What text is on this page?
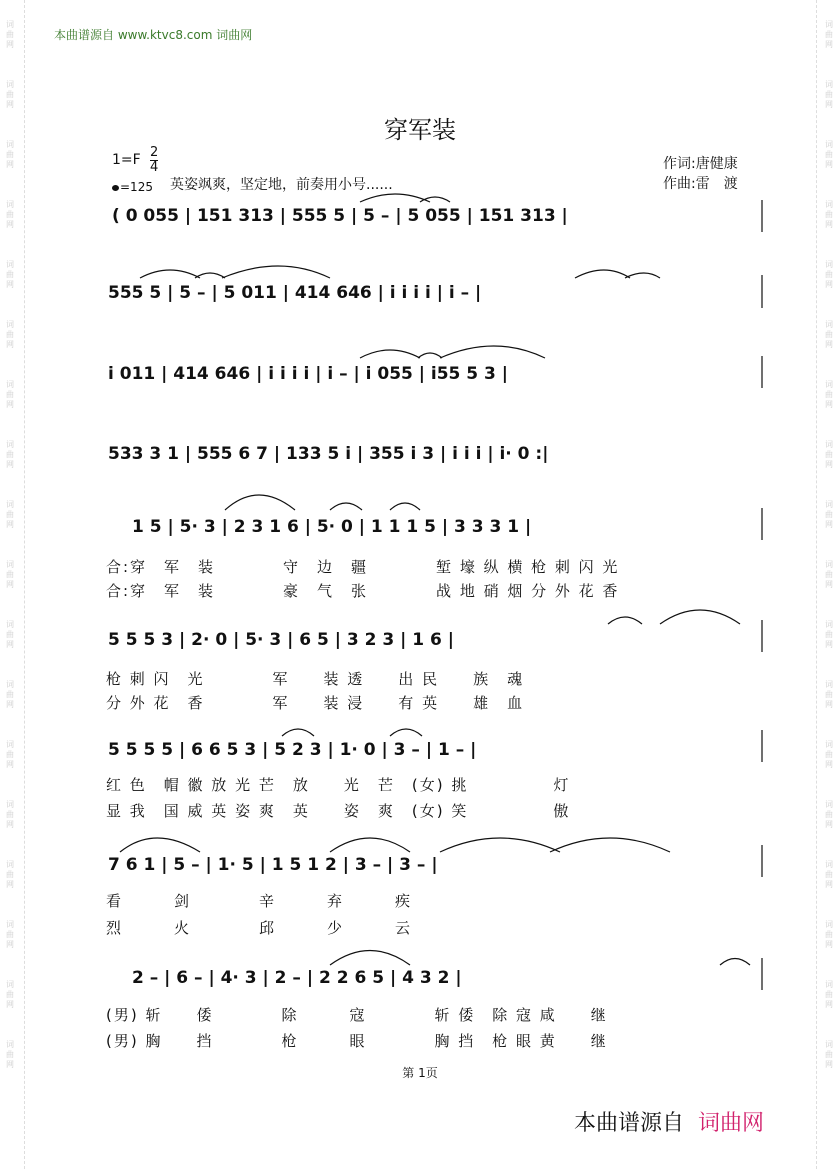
词曲网
词曲网
词曲网
词曲网
词曲网
词曲网
词曲网
词曲网
词曲网
词曲网
词曲网
词曲网
词曲网
词曲网
词曲网
词曲网
词曲网
词曲网
词曲网
词曲网
词曲网
词曲网
词曲网
词曲网
词曲网
词曲网
词曲网
词曲网
词曲网
词曲网
词曲网
词曲网
词曲网
词曲网
词曲网
词曲网
本曲谱源自 www.ktvc8.com 词曲网
穿军装
$1=F \frac{2}{4}$
=125 英姿飒爽，坚定地，前奏用小号......
作词:唐健康
作曲:雷　渡
( 0 055 | 151 313 | 555 5 | 5 – | 5 055 | 151 313 |
555 5 | 5 – | 5 011 | 414 646 | i i i i | i – |
i 011 | 414 646 | i i i i | i – | i 055 | i55 5 3 |
533 3 1 | 555 6 7 | 133 5 i | 355 i 3 | i i i | i· 0 :|
1 5 | 5· 3 | 2 3 1 6 | 5· 0 | 1 1 1 5 | 3 3 3 1 |
合:穿　军　装　　　　守　边　疆　　　　堑 壕 纵 横 枪 刺 闪 光
合:穿　军　装　　　　豪　气　张　　　　战 地 硝 烟 分 外 花 香
5 5 5 3 | 2· 0 | 5· 3 | 6 5 | 3 2 3 | 1 6 |
枪 刺 闪　光　　　　军　　装 透　　出 民　　族　魂
分 外 花　香　　　　军　　装 浸　　有 英　　雄　血
5 5 5 5 | 6 6 5 3 | 5 2 3 | 1· 0 | 3 – | 1 – |
红 色　帽 徽 放 光 芒　放　　光　芒　(女) 挑　　　　　灯
显 我　国 威 英 姿 爽　英　　姿　爽　(女) 笑　　　　　傲
7 6 1 | 5 – | 1· 5 | 1 5 1 2 | 3 – | 3 – |
看　　　剑　　　　辛　　　弃　　　疾
烈　　　火　　　　邱　　　少　　　云
2 – | 6 – | 4· 3 | 2 – | 2 2 6 5 | 4 3 2 |
(男) 斩　　倭　　　　除　　　寇　　　　斩 倭　除 寇 咸　　继
(男) 胸　　挡　　　　枪　　　眼　　　　胸 挡　枪 眼 黄　　继
第 1页
本曲谱源自 词曲网
